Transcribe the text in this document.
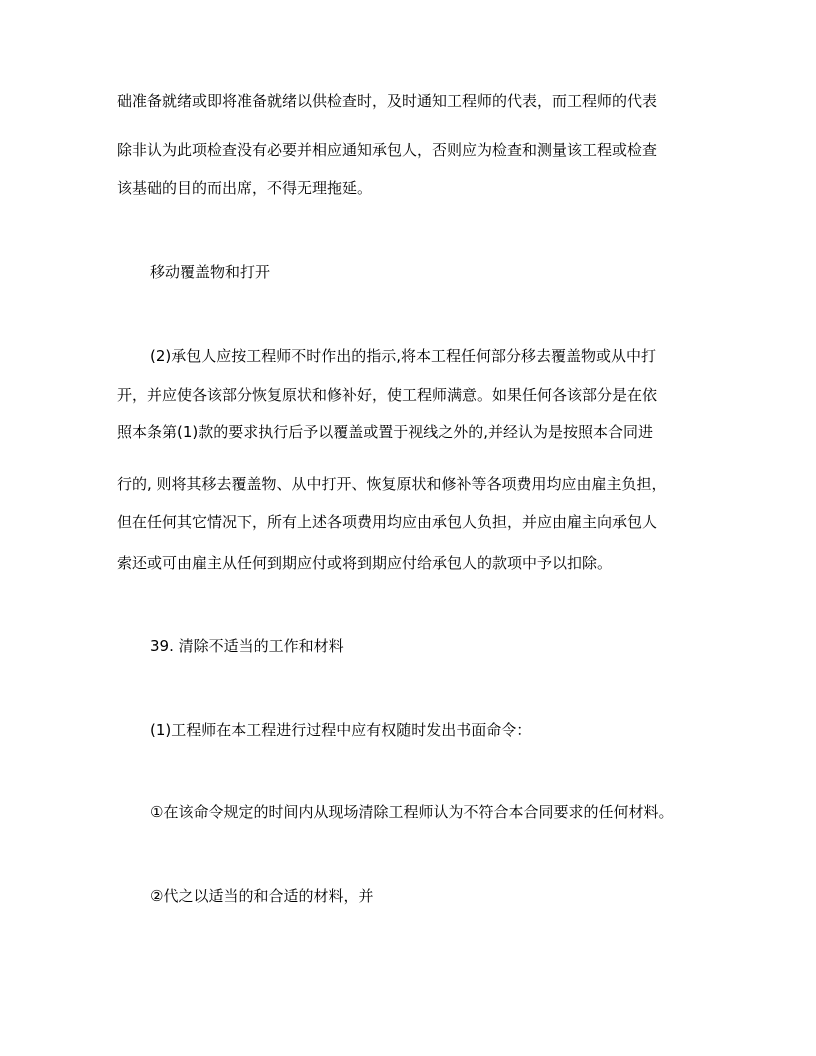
础准备就绪或即将准备就绪以供检查时，及时通知工程师的代表，而工程师的代表
除非认为此项检查没有必要并相应通知承包人，否则应为检查和测量该工程或检查
该基础的目的而出席，不得无理拖延。
移动覆盖物和打开
(2)承包人应按工程师不时作出的指示,将本工程任何部分移去覆盖物或从中打
开，并应使各该部分恢复原状和修补好，使工程师满意。如果任何各该部分是在依
照本条第(1)款的要求执行后予以覆盖或置于视线之外的,并经认为是按照本合同进
行的, 则将其移去覆盖物、从中打开、恢复原状和修补等各项费用均应由雇主负担，
但在任何其它情况下，所有上述各项费用均应由承包人负担，并应由雇主向承包人
索还或可由雇主从任何到期应付或将到期应付给承包人的款项中予以扣除。
39. 清除不适当的工作和材料
(1)工程师在本工程进行过程中应有权随时发出书面命令：
①在该命令规定的时间内从现场清除工程师认为不符合本合同要求的任何材料。
②代之以适当的和合适的材料，并
